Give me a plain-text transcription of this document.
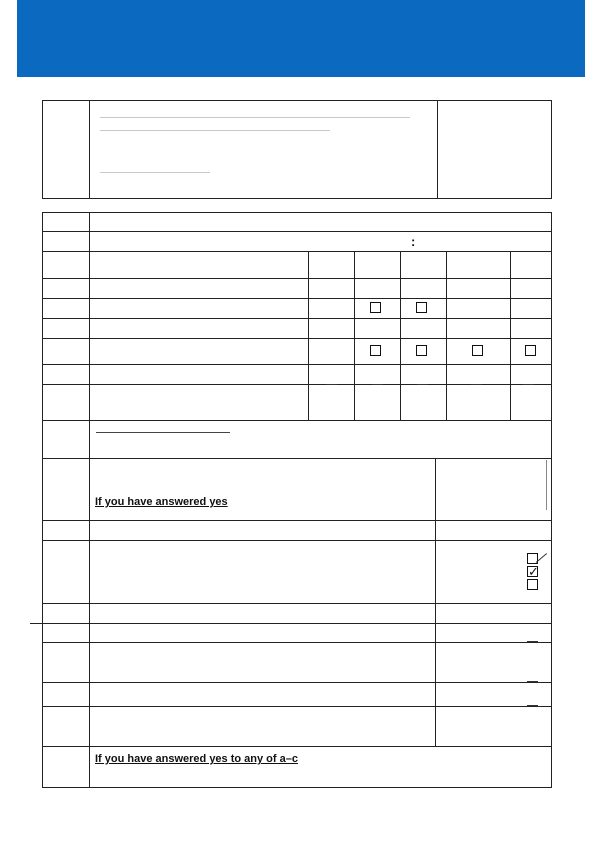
:
If you have answered yes
If you have answered yes to any of a–c
✓
